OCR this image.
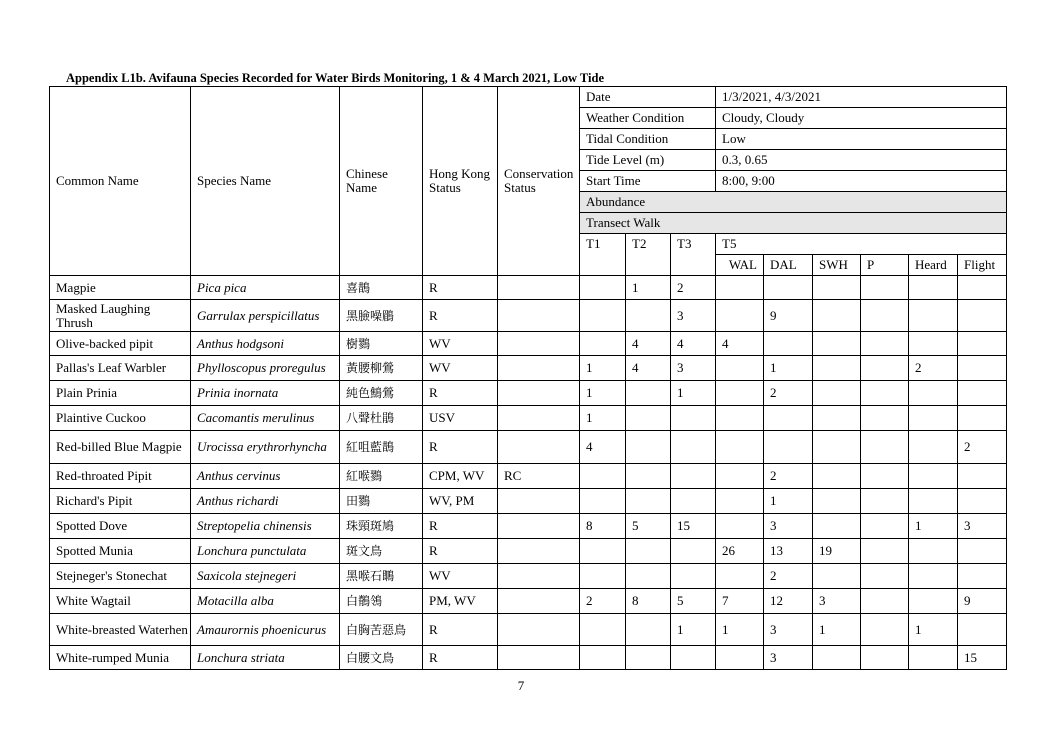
Appendix L1b. Avifauna Species Recorded for Water Birds Monitoring, 1 & 4 March 2021, Low Tide
Common Name	Species Name	Chinese Name	Hong Kong Status	Conservation Status	Date			1/3/2021, 4/3/2021					
					Weather Condition			Cloudy, Cloudy					
					Tidal Condition			Low					
					Tide Level (m)			0.3, 0.65					
					Start Time			8:00, 9:00					
					Abundance								
					Transect Walk								
					T1	T2	T3	T5					
								WAL	DAL	SWH	P	Heard	Flight
Magpie	Pica pica	喜鵲	R			1	2						
Masked Laughing Thrush	Garrulax perspicillatus	黑臉噪鶥	R				3		9				
Olive-backed pipit	Anthus hodgsoni	樹鷚	WV			4	4	4					
Pallas's Leaf Warbler	Phylloscopus proregulus	黃腰柳鶯	WV		1	4	3		1			2	
Plain Prinia	Prinia inornata	純色鷦鶯	R		1		1		2				
Plaintive Cuckoo	Cacomantis merulinus	八聲杜鵑	USV		1								
Red-billed Blue Magpie	Urocissa erythrorhyncha	紅咀藍鵲	R		4								2
Red-throated Pipit	Anthus cervinus	紅喉鷚	CPM, WV	RC					2				
Richard's Pipit	Anthus richardi	田鷚	WV, PM						1				
Spotted Dove	Streptopelia chinensis	珠頸斑鳩	R		8	5	15		3			1	3
Spotted Munia	Lonchura punctulata	斑文鳥	R					26	13	19			
Stejneger's Stonechat	Saxicola stejnegeri	黑喉石䳭	WV						2				
White Wagtail	Motacilla alba	白鶺鴒	PM, WV		2	8	5	7	12	3			9
White-breasted Waterhen	Amaurornis phoenicurus	白胸苦惡鳥	R				1	1	3	1		1	
White-rumped Munia	Lonchura striata	白腰文鳥	R						3				15
7
